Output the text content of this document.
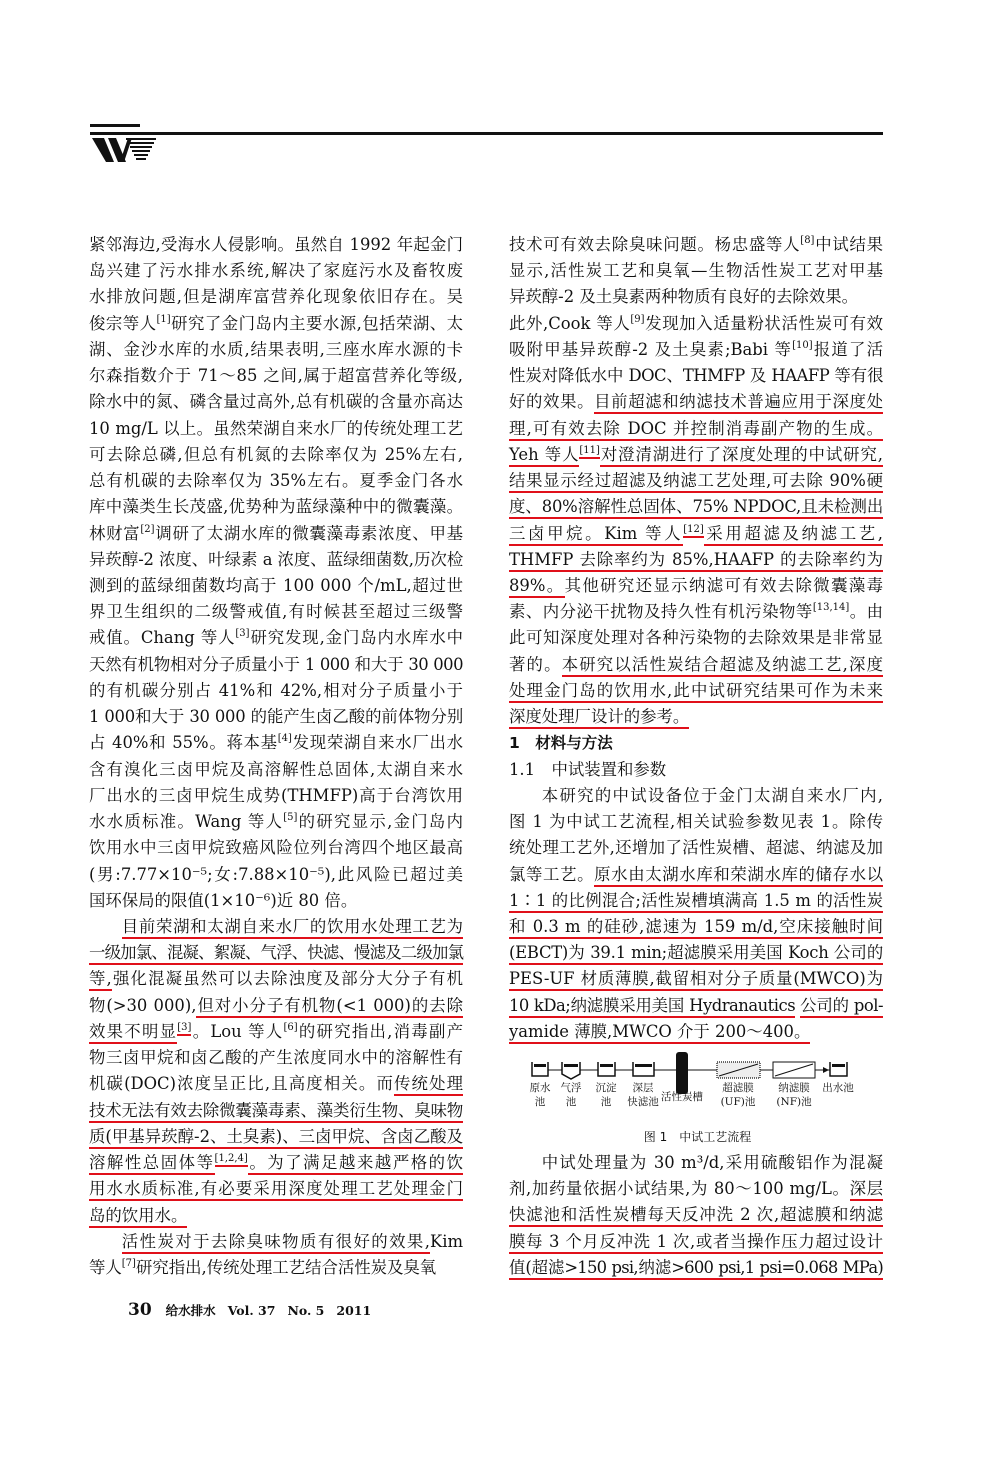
紧邻海边,受海水人侵影响。虽然自 1992 年起金门
岛兴建了污水排水系统,解决了家庭污水及畜牧废
水排放问题,但是湖库富营养化现象依旧存在。吴
俊宗等人[1]研究了金门岛内主要水源,包括荣湖、太
湖、金沙水库的水质,结果表明,三座水库水源的卡
尔森指数介于 71～85 之间,属于超富营养化等级,
除水中的氮、磷含量过高外,总有机碳的含量亦高达
10 mg/L 以上。虽然荣湖自来水厂的传统处理工艺
可去除总磷,但总有机氮的去除率仅为 25%左右,
总有机碳的去除率仅为 35%左右。夏季金门各水
库中藻类生长茂盛,优势种为蓝绿藻种中的微囊藻。
林财富[2]调研了太湖水库的微囊藻毒素浓度、甲基
异莰醇-2 浓度、叶绿素 a 浓度、蓝绿细菌数,历次检
测到的蓝绿细菌数均高于 100 000 个/mL,超过世
界卫生组织的二级警戒值,有时候甚至超过三级警
戒值。Chang 等人[3]研究发现,金门岛内水库水中
天然有机物相对分子质量小于 1 000 和大于 30 000
的有机碳分别占 41%和 42%,相对分子质量小于
1 000和大于 30 000 的能产生卤乙酸的前体物分别
占 40%和 55%。蒋本基[4]发现荣湖自来水厂出水
含有溴化三卤甲烷及高溶解性总固体,太湖自来水
厂出水的三卤甲烷生成势(THMFP)高于台湾饮用
水水质标准。Wang 等人[5]的研究显示,金门岛内
饮用水中三卤甲烷致癌风险位列台湾四个地区最高
(男:7.77×10⁻⁵;女:7.88×10⁻⁵),此风险已超过美
国环保局的限值(1×10⁻⁶)近 80 倍。
目前荣湖和太湖自来水厂的饮用水处理工艺为
一级加氯、混凝、絮凝、气浮、快滤、慢滤及二级加氯
等,强化混凝虽然可以去除浊度及部分大分子有机
物(>30 000),但对小分子有机物(<1 000)的去除
效果不明显[3]。Lou 等人[6]的研究指出,消毒副产
物三卤甲烷和卤乙酸的产生浓度同水中的溶解性有
机碳(DOC)浓度呈正比,且高度相关。而传统处理
技术无法有效去除微囊藻毒素、藻类衍生物、臭味物
质(甲基异莰醇-2、土臭素)、三卤甲烷、含卤乙酸及
溶解性总固体等[1,2,4]。为了满足越来越严格的饮
用水水质标准,有必要采用深度处理工艺处理金门
岛的饮用水。
活性炭对于去除臭味物质有很好的效果,Kim
等人[7]研究指出,传统处理工艺结合活性炭及臭氧
技术可有效去除臭味问题。杨忠盛等人[8]中试结果
显示,活性炭工艺和臭氧—生物活性炭工艺对甲基
异莰醇-2 及土臭素两种物质有良好的去除效果。
此外,Cook 等人[9]发现加入适量粉状活性炭可有效
吸附甲基异莰醇-2 及土臭素;Babi 等[10]报道了活
性炭对降低水中 DOC、THMFP 及 HAAFP 等有很
好的效果。目前超滤和纳滤技术普遍应用于深度处
理,可有效去除 DOC 并控制消毒副产物的生成。
Yeh 等人[11]对澄清湖进行了深度处理的中试研究,
结果显示经过超滤及纳滤工艺处理,可去除 90%硬
度、80%溶解性总固体、75% NPDOC,且未检测出
三卤甲烷。Kim 等人[12]采用超滤及纳滤工艺,
THMFP 去除率约为 85%,HAAFP 的去除率约为
89%。其他研究还显示纳滤可有效去除微囊藻毒
素、内分泌干扰物及持久性有机污染物等[13,14]。由
此可知深度处理对各种污染物的去除效果是非常显
著的。本研究以活性炭结合超滤及纳滤工艺,深度
处理金门岛的饮用水,此中试研究结果可作为未来
深度处理厂设计的参考。
1　材料与方法
1.1　中试装置和参数
本研究的中试设备位于金门太湖自来水厂内,
图 1 为中试工艺流程,相关试验参数见表 1。除传
统处理工艺外,还增加了活性炭槽、超滤、纳滤及加
氯等工艺。原水由太湖水库和荣湖水库的储存水以
1∶1 的比例混合;活性炭槽填满高 1.5 m 的活性炭
和 0.3 m 的硅砂,滤速为 159 m/d,空床接触时间
(EBCT)为 39.1 min;超滤膜采用美国 Koch 公司的
PES-UF 材质薄膜,截留相对分子质量(MWCO)为
10 kDa;纳滤膜采用美国 Hydranautics 公司的 pol-
yamide 薄膜,MWCO 介于 200～400。
中试处理量为 30 m³/d,采用硫酸铝作为混凝
剂,加药量依据小试结果,为 80～100 mg/L。深层
快滤池和活性炭槽每天反冲洗 2 次,超滤膜和纳滤
膜每 3 个月反冲洗 1 次,或者当操作压力超过设计
值(超滤>150 psi,纳滤>600 psi,1 psi=0.068 MPa)
原水
池
气浮
池
沉淀
池
深层
快滤池 活性炭槽
超滤膜
(UF)池
纳滤膜
(NF)池
出水池
图 1　中试工艺流程
30 给水排水 Vol. 37 No. 5 2011
